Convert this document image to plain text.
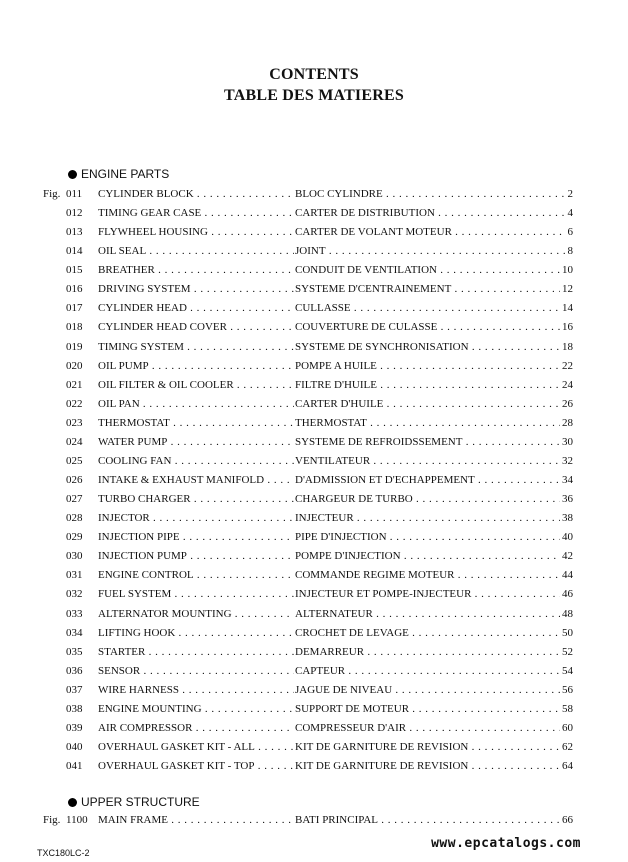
CONTENTS
TABLE DES MATIERES
ENGINE PARTS
Fig. 011 CYLINDER BLOCK . . .	BLOC CYLINDRE . . .	2
012 TIMING GEAR CASE . . .	CARTER DE DISTRIBUTION . . .	4
013 FLYWHEEL HOUSING . . .	CARTER DE VOLANT MOTEUR . . .	6
014 OIL SEAL . . .	JOINT . . .	8
015 BREATHER . . .	CONDUIT DE VENTILATION . . .	10
016 DRIVING SYSTEM . . .	SYSTEME D'CENTRAINEMENT . . .	12
017 CYLINDER HEAD . . .	CULLASSE . . .	14
018 CYLINDER HEAD COVER . . .	COUVERTURE DE CULASSE . . .	16
019 TIMING SYSTEM . . .	SYSTEME DE SYNCHRONISATION . . .	18
020 OIL PUMP . . .	POMPE A HUILE . . .	22
021 OIL FILTER & OIL COOLER . . .	FILTRE D'HUILE . . .	24
022 OIL PAN . . .	CARTER D'HUILE . . .	26
023 THERMOSTAT . . .	THERMOSTAT . . .	28
024 WATER PUMP . . .	SYSTEME DE REFROIDSSEMENT . . .	30
025 COOLING FAN . . .	VENTILATEUR . . .	32
026 INTAKE & EXHAUST MANIFOLD . . .	D'ADMISSION ET D'ECHAPPEMENT . . .	34
027 TURBO CHARGER . . .	CHARGEUR DE TURBO . . .	36
028 INJECTOR . . .	INJECTEUR . . .	38
029 INJECTION PIPE . . .	PIPE D'INJECTION . . .	40
030 INJECTION PUMP . . .	POMPE D'INJECTION . . .	42
031 ENGINE CONTROL . . .	COMMANDE REGIME MOTEUR . . .	44
032 FUEL SYSTEM . . .	INJECTEUR ET POMPE-INJECTEUR . . .	46
033 ALTERNATOR MOUNTING . . .	ALTERNATEUR . . .	48
034 LIFTING HOOK . . .	CROCHET DE LEVAGE . . .	50
035 STARTER . . .	DEMARREUR . . .	52
036 SENSOR . . .	CAPTEUR . . .	54
037 WIRE HARNESS . . .	JAGUE DE NIVEAU . . .	56
038 ENGINE MOUNTING . . .	SUPPORT DE MOTEUR . . .	58
039 AIR COMPRESSOR . . .	COMPRESSEUR D'AIR . . .	60
040 OVERHAUL GASKET KIT - ALL . . .	KIT DE GARNITURE DE REVISION . . .	62
041 OVERHAUL GASKET KIT - TOP . . .	KIT DE GARNITURE DE REVISION . . .	64
UPPER STRUCTURE
Fig. 1100 MAIN FRAME . . .	BATI PRINCIPAL . . .	66
TXC180LC-2
www.epcatalogs.com
